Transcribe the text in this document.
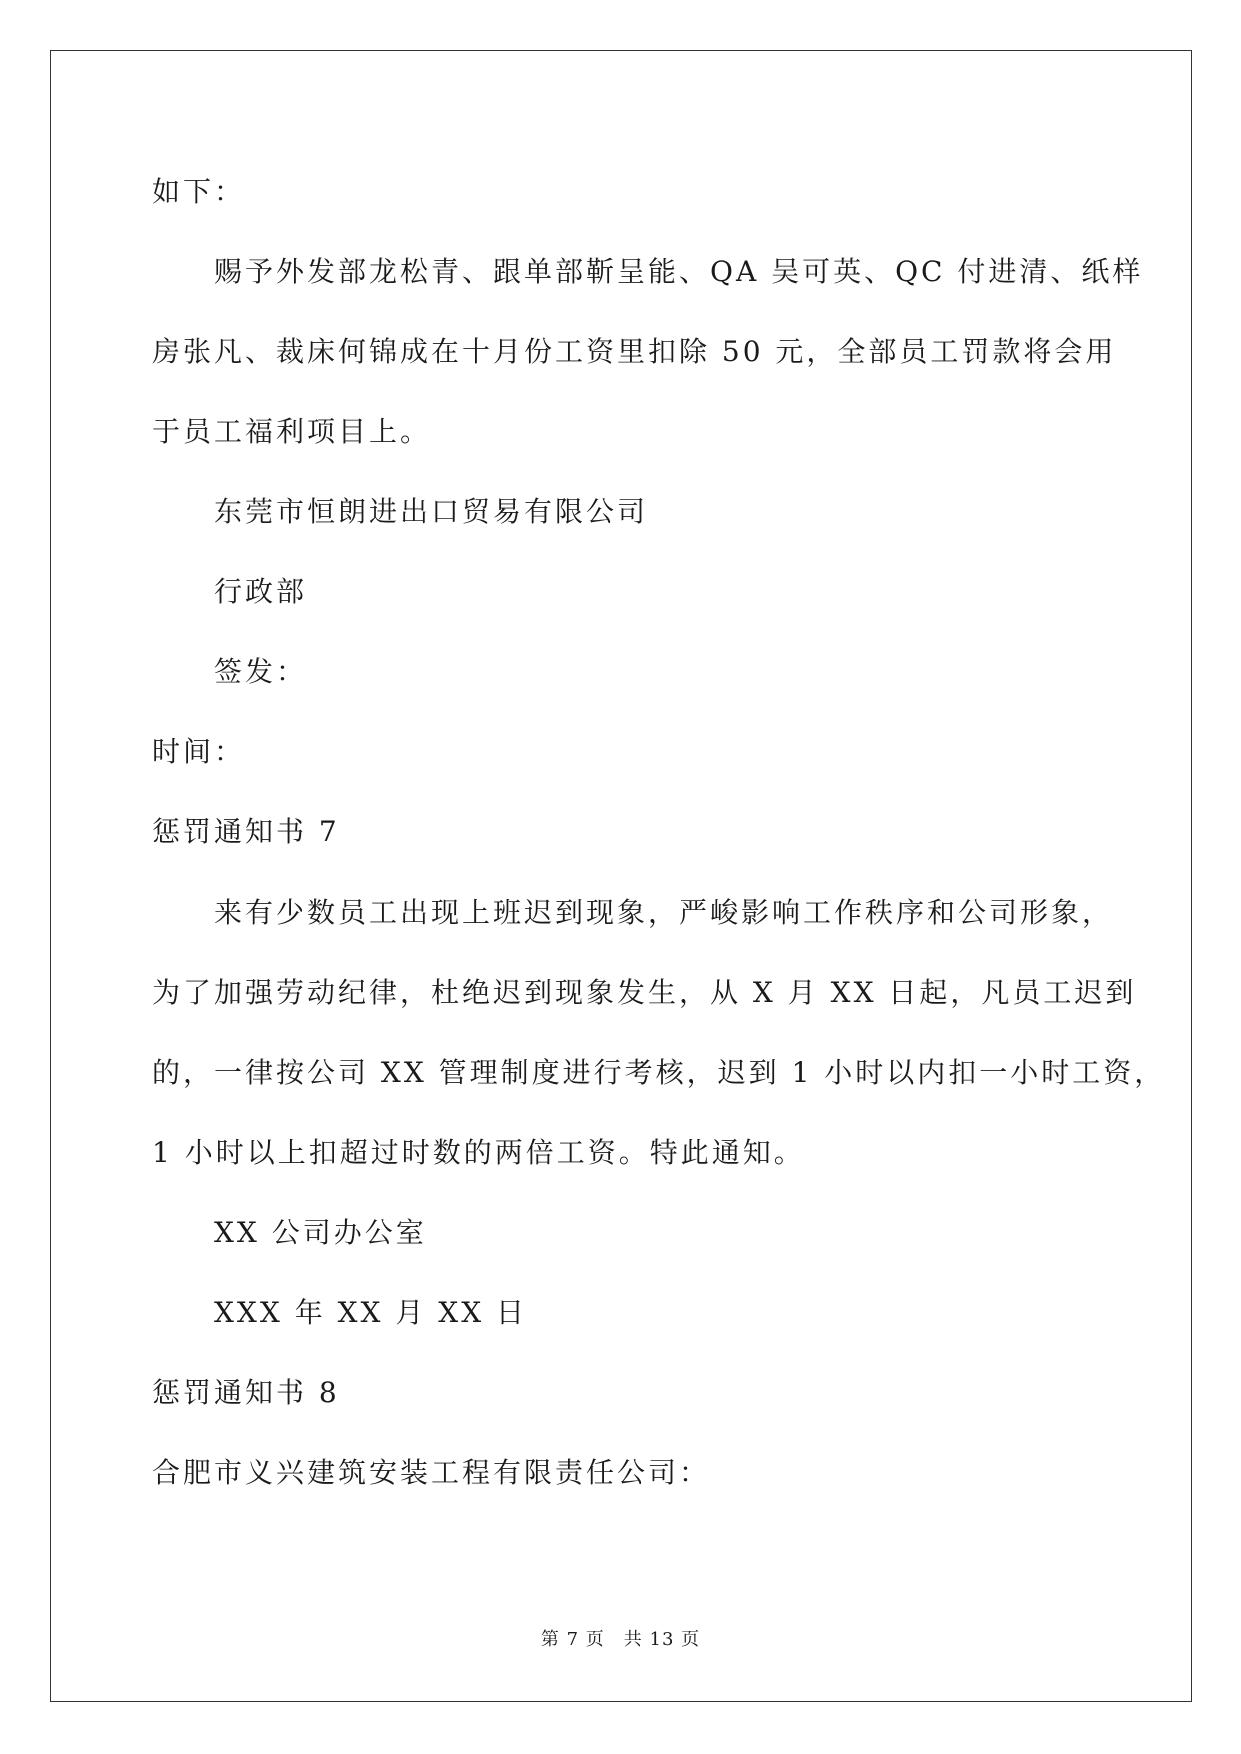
如下：
赐予外发部龙松青、跟单部靳呈能、QA 吴可英、QC 付进清、纸样
房张凡、裁床何锦成在十月份工资里扣除 50 元，全部员工罚款将会用
于员工福利项目上。
东莞市恒朗进出口贸易有限公司
行政部
签发：
时间：
惩罚通知书 7
来有少数员工出现上班迟到现象，严峻影响工作秩序和公司形象，
为了加强劳动纪律，杜绝迟到现象发生，从 X 月 XX 日起，凡员工迟到
的，一律按公司 XX 管理制度进行考核，迟到 1 小时以内扣一小时工资，
1 小时以上扣超过时数的两倍工资。特此通知。
XX 公司办公室
XXX 年 XX 月 XX 日
惩罚通知书 8
合肥市义兴建筑安装工程有限责任公司：
第 7 页　共 13 页
